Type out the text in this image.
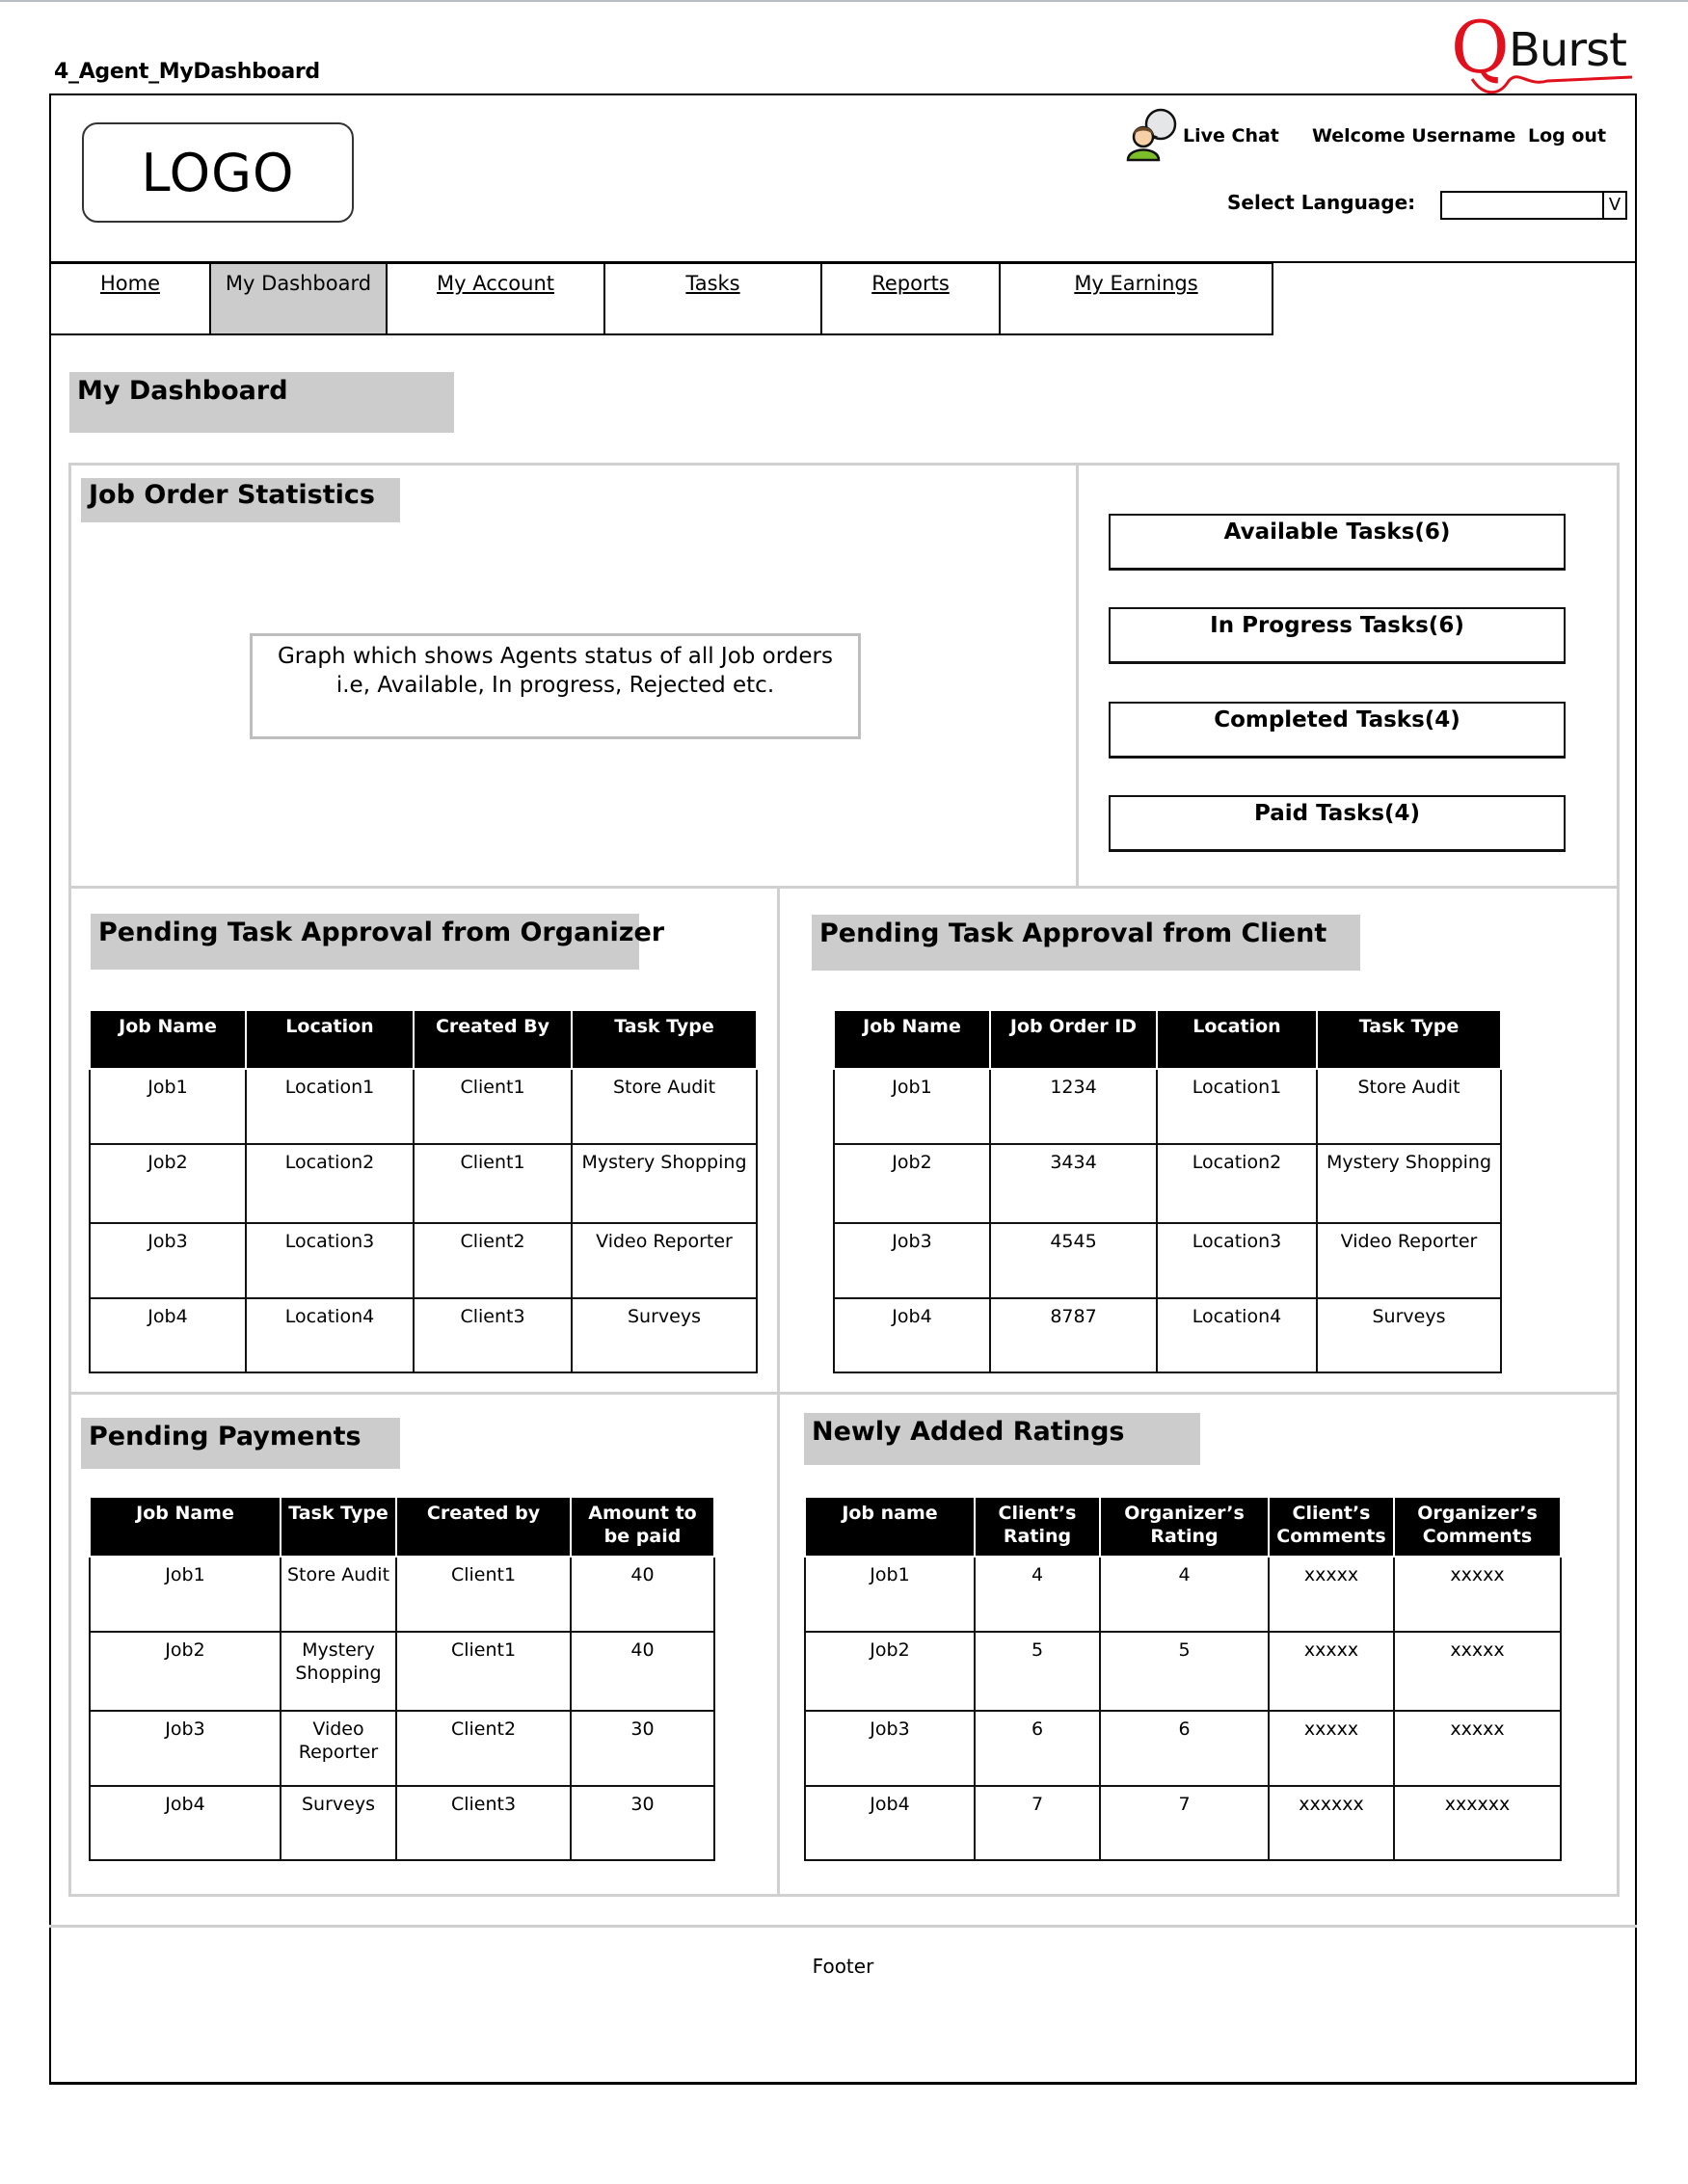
4_Agent_MyDashboard	Q Burst
LOGO
Live Chat Welcome Username Log out
Select Language:	V
Home	My Dashboard	My Account	Tasks	Reports	My Earnings
My Dashboard
Job Order Statistics
Graph which shows Agents status of all Job orders
i.e, Available, In progress, Rejected etc.
Available Tasks(6)
In Progress Tasks(6)
Completed Tasks(4)
Paid Tasks(4)
Pending Task Approval from Organizer
Job Name	Location	Created By	Task Type
Job1	Location1	Client1	Store Audit
Job2	Location2	Client1	Mystery Shopping
Job3	Location3	Client2	Video Reporter
Job4	Location4	Client3	Surveys
Pending Task Approval from Client
Job Name	Job Order ID	Location	Task Type
Job1	1234	Location1	Store Audit
Job2	3434	Location2	Mystery Shopping
Job3	4545	Location3	Video Reporter
Job4	8787	Location4	Surveys
Pending Payments
Job Name	Task Type	Created by	Amount to be paid
Job1	Store Audit	Client1	40
Job2	Mystery Shopping	Client1	40
Job3	Video Reporter	Client2	30
Job4	Surveys	Client3	30
Newly Added Ratings
Job name	Client’s Rating	Organizer’s Rating	Client’s Comments	Organizer’s Comments
Job1	4	4	xxxxx	xxxxx
Job2	5	5	xxxxx	xxxxx
Job3	6	6	xxxxx	xxxxx
Job4	7	7	xxxxxx	xxxxxx
Footer
